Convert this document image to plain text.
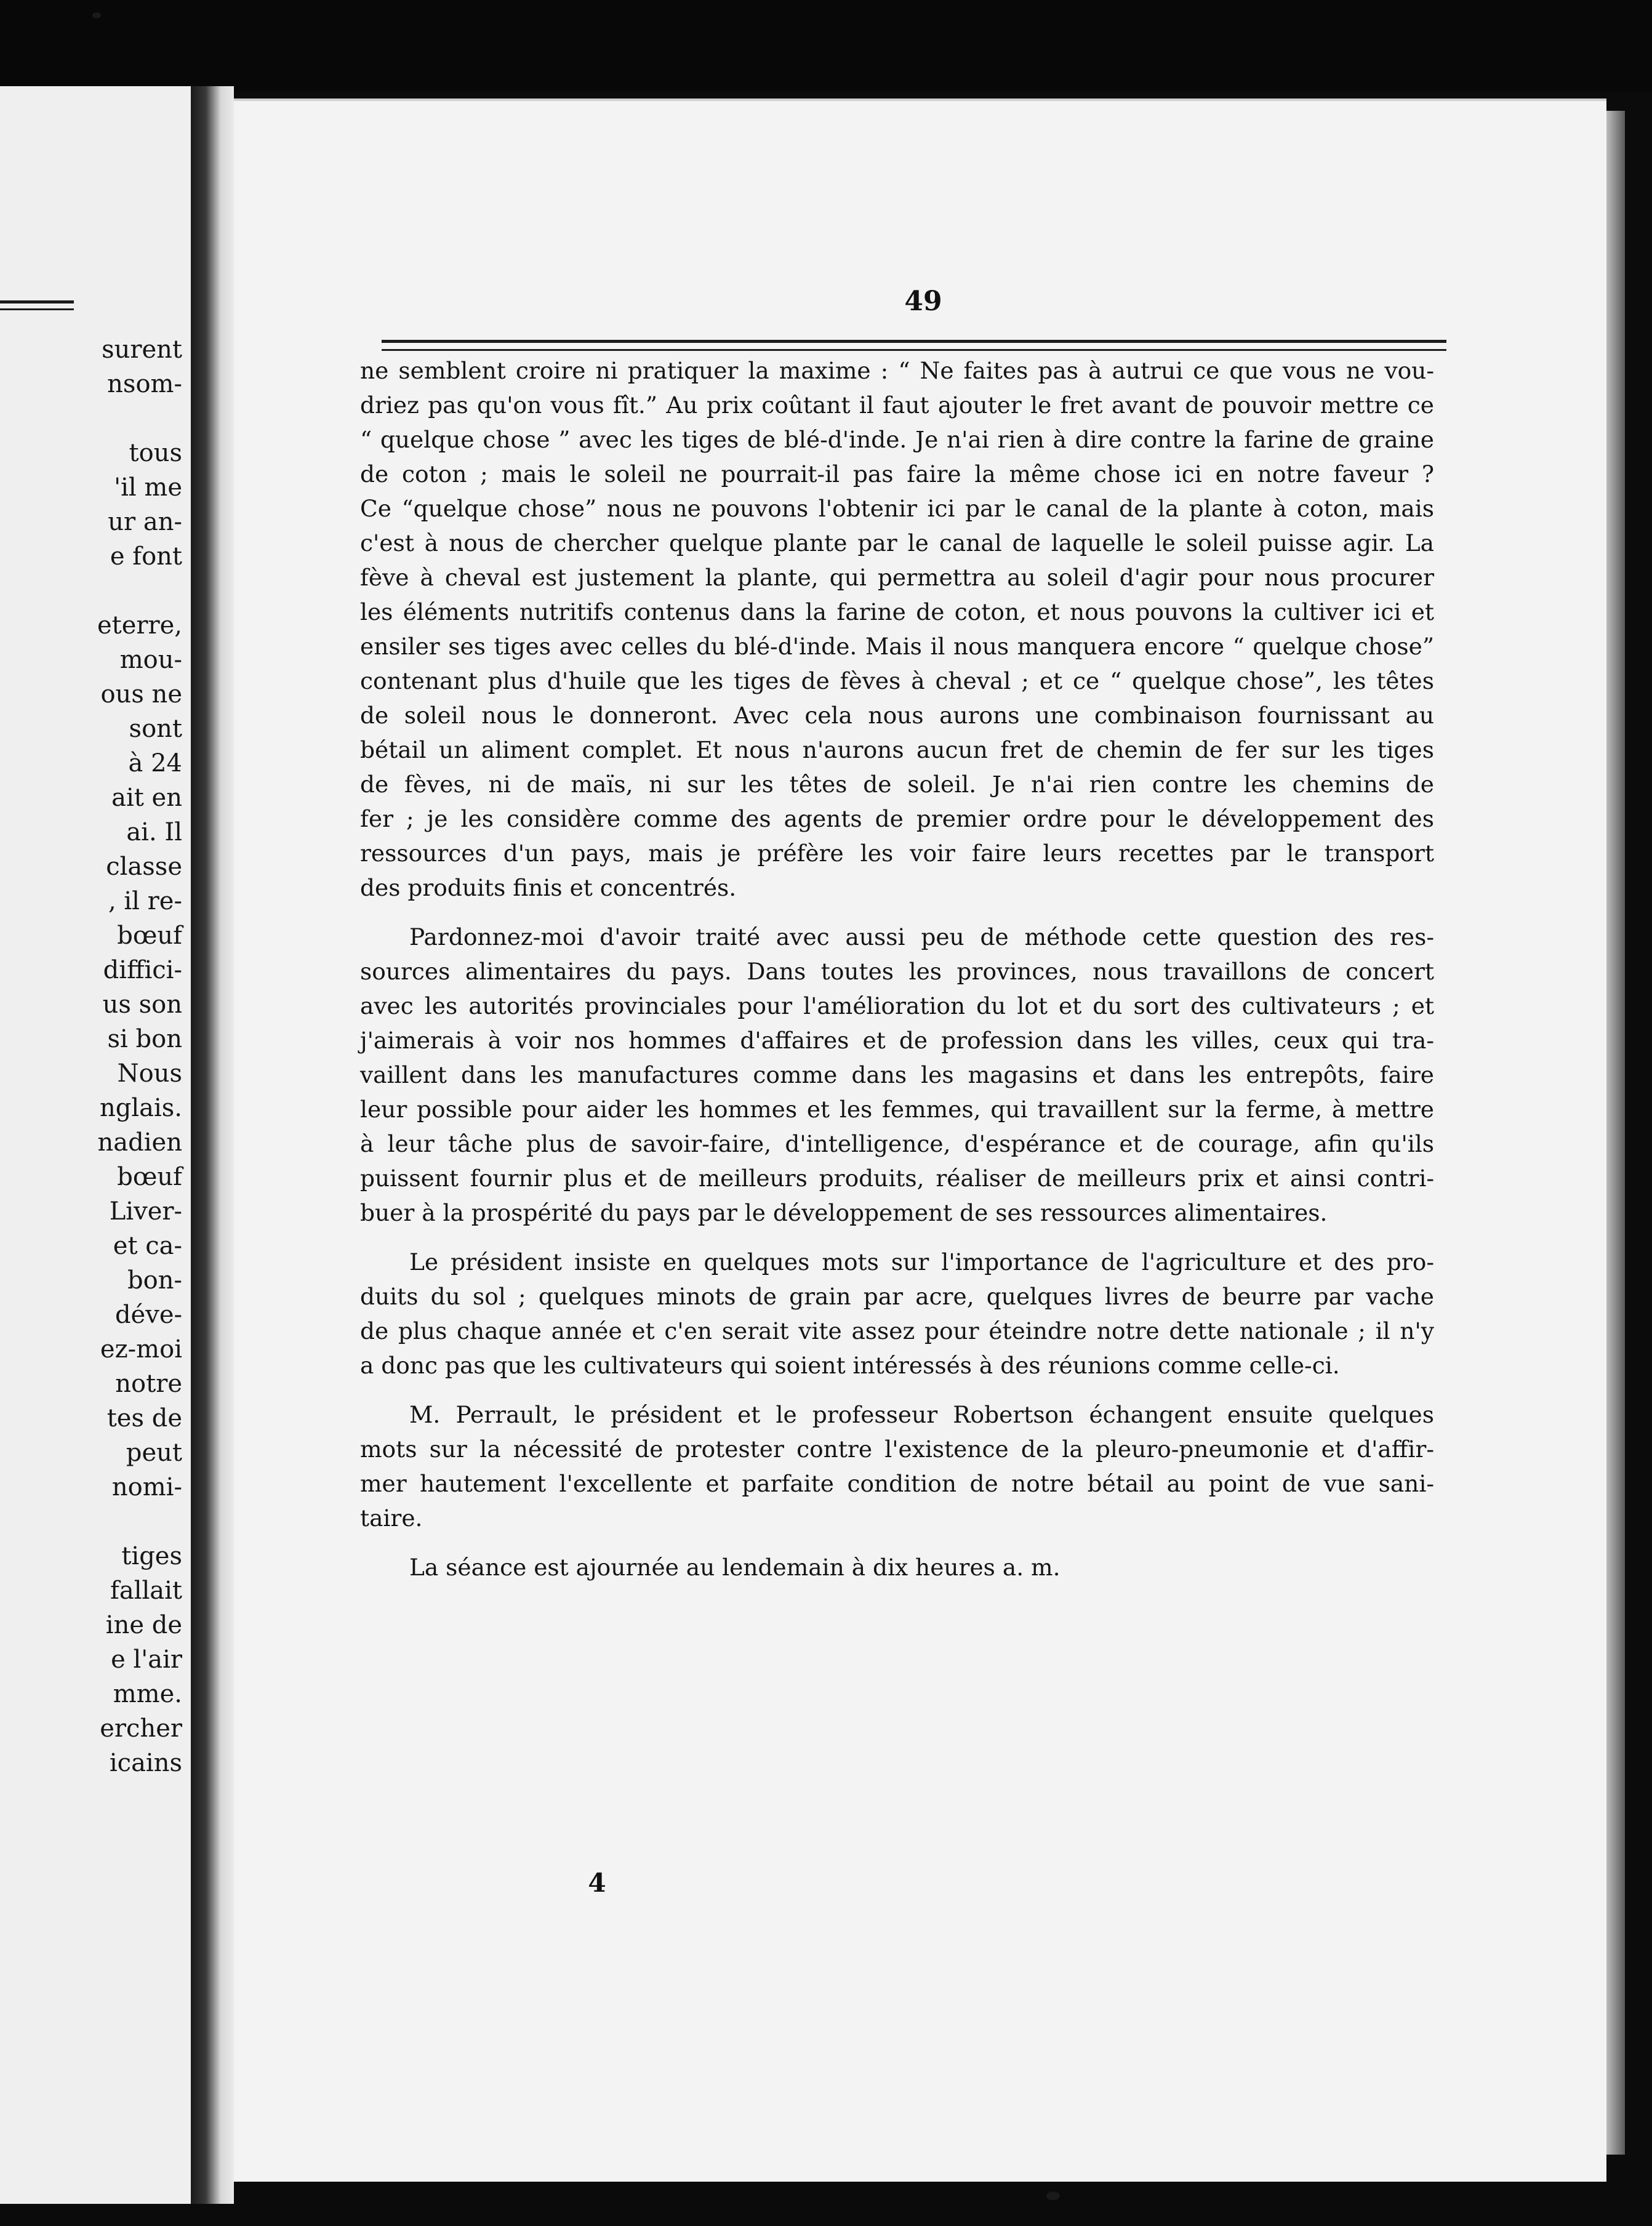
surent
nsom-
tous
'il me
ur an-
e font
eterre,
mou-
ous ne
sont
à 24
ait en
ai. Il
classe
, il re-
bœuf
diffici-
us son
si bon
Nous
nglais.
nadien
bœuf
Liver-
et ca-
bon-
déve-
ez-moi
notre
tes de
peut
nomi-
tiges
fallait
ine de
e l'air
mme.
ercher
icains
49
ne semblent croire ni pratiquer la maxime : “ Ne faites pas à autrui ce que vous ne vou-
driez pas qu'on vous fît.” Au prix coûtant il faut ajouter le fret avant de pouvoir mettre ce
“ quelque chose ” avec les tiges de blé-d'inde. Je n'ai rien à dire contre la farine de graine
de coton ; mais le soleil ne pourrait-il pas faire la même chose ici en notre faveur ?
Ce “quelque chose” nous ne pouvons l'obtenir ici par le canal de la plante à coton, mais
c'est à nous de chercher quelque plante par le canal de laquelle le soleil puisse agir. La
fève à cheval est justement la plante, qui permettra au soleil d'agir pour nous procurer
les éléments nutritifs contenus dans la farine de coton, et nous pouvons la cultiver ici et
ensiler ses tiges avec celles du blé-d'inde. Mais il nous manquera encore “ quelque chose”
contenant plus d'huile que les tiges de fèves à cheval ; et ce “ quelque chose”, les têtes
de soleil nous le donneront. Avec cela nous aurons une combinaison fournissant au
bétail un aliment complet. Et nous n'aurons aucun fret de chemin de fer sur les tiges
de fèves, ni de maïs, ni sur les têtes de soleil. Je n'ai rien contre les chemins de
fer ; je les considère comme des agents de premier ordre pour le développement des
ressources d'un pays, mais je préfère les voir faire leurs recettes par le transport
des produits finis et concentrés.
Pardonnez-moi d'avoir traité avec aussi peu de méthode cette question des res-
sources alimentaires du pays. Dans toutes les provinces, nous travaillons de concert
avec les autorités provinciales pour l'amélioration du lot et du sort des cultivateurs ; et
j'aimerais à voir nos hommes d'affaires et de profession dans les villes, ceux qui tra-
vaillent dans les manufactures comme dans les magasins et dans les entrepôts, faire
leur possible pour aider les hommes et les femmes, qui travaillent sur la ferme, à mettre
à leur tâche plus de savoir-faire, d'intelligence, d'espérance et de courage, afin qu'ils
puissent fournir plus et de meilleurs produits, réaliser de meilleurs prix et ainsi contri-
buer à la prospérité du pays par le développement de ses ressources alimentaires.
Le président insiste en quelques mots sur l'importance de l'agriculture et des pro-
duits du sol ; quelques minots de grain par acre, quelques livres de beurre par vache
de plus chaque année et c'en serait vite assez pour éteindre notre dette nationale ; il n'y
a donc pas que les cultivateurs qui soient intéressés à des réunions comme celle-ci.
M. Perrault, le président et le professeur Robertson échangent ensuite quelques
mots sur la nécessité de protester contre l'existence de la pleuro-pneumonie et d'affir-
mer hautement l'excellente et parfaite condition de notre bétail au point de vue sani-
taire.
La séance est ajournée au lendemain à dix heures a. m.
4
